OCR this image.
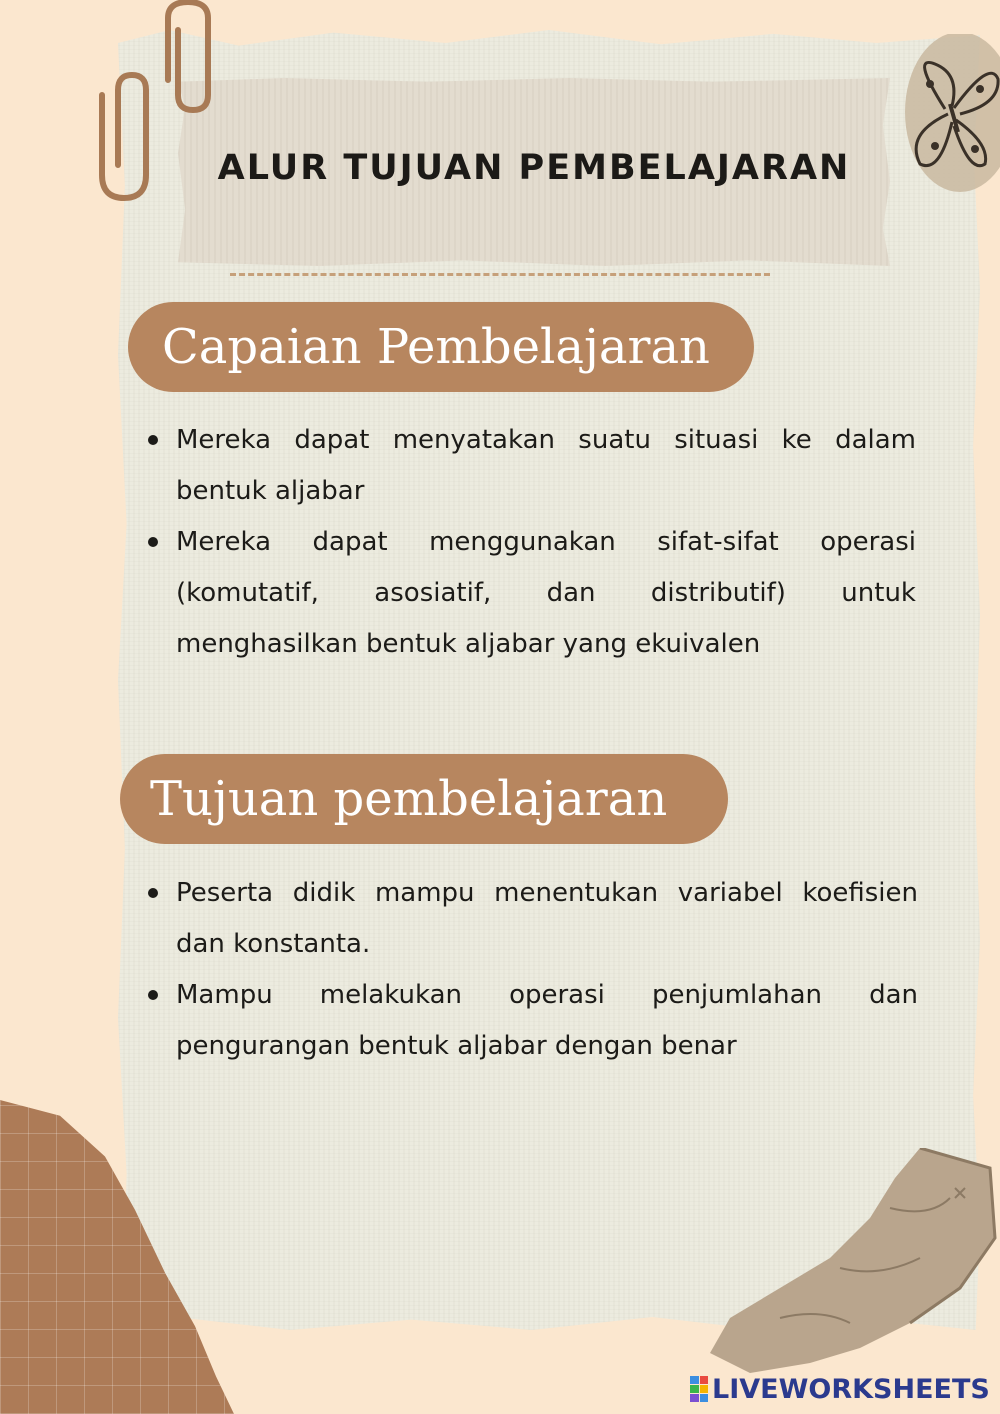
ALUR TUJUAN PEMBELAJARAN
Capaian Pembelajaran
Mereka dapat menyatakan suatu situasi ke dalam bentuk aljabar
Mereka dapat menggunakan sifat-sifat operasi (komutatif, asosiatif, dan distributif) untuk menghasilkan bentuk aljabar yang ekuivalen
Tujuan pembelajaran
Peserta didik mampu menentukan variabel koefisien dan konstanta.
Mampu melakukan operasi penjumlahan dan pengurangan bentuk aljabar dengan benar
LIVEWORKSHEETS
